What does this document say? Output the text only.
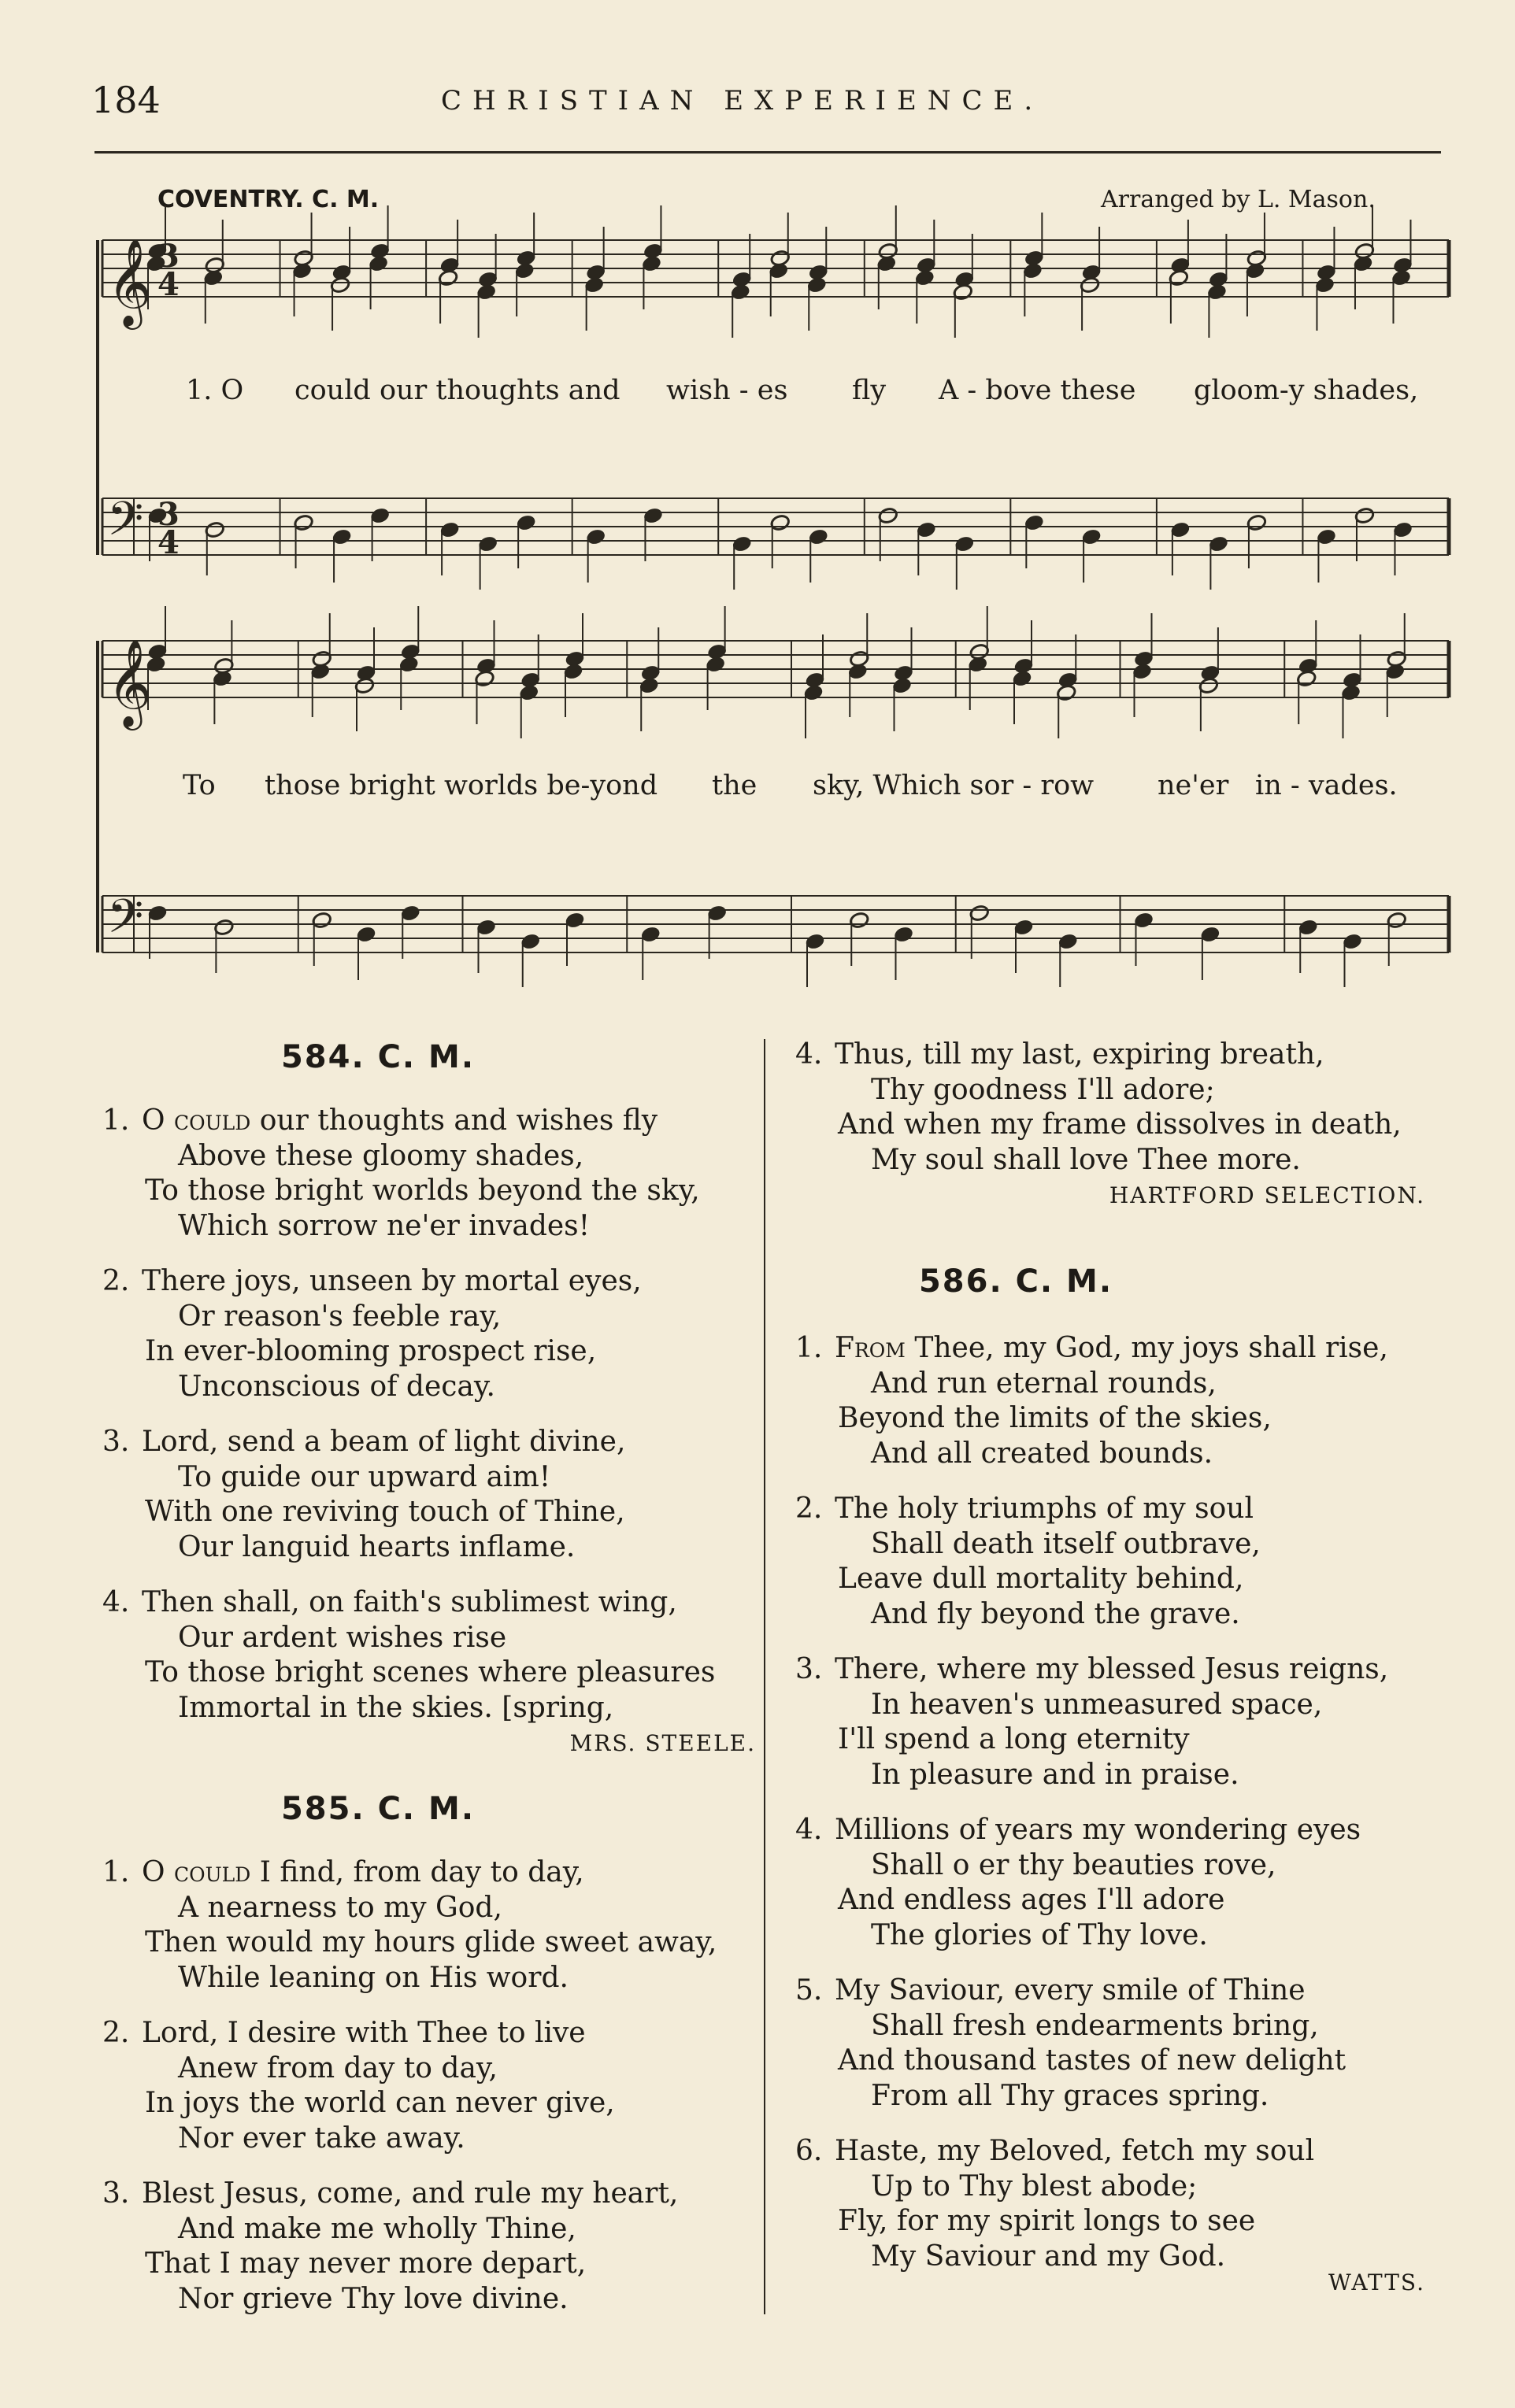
184	CHRISTIAN EXPERIENCE.
COVENTRY. C. M.	Arranged by L. Mason.
𝄞
𝄢
𝄞
𝄢
3
4
3
4
1. O could our thoughts and wish - es fly A - bove these gloom-y shades,
To those bright worlds be-yond the sky, Which sor - row ne'er in - vades.
584. C. M.
1. O could our thoughts and wishes fly
Above these gloomy shades,
To those bright worlds beyond the sky,
Which sorrow ne'er invades!
2. There joys, unseen by mortal eyes,
Or reason's feeble ray,
In ever-blooming prospect rise,
Unconscious of decay.
3. Lord, send a beam of light divine,
To guide our upward aim!
With one reviving touch of Thine,
Our languid hearts inflame.
4. Then shall, on faith's sublimest wing,
Our ardent wishes rise
To those bright scenes where pleasures
Immortal in the skies. [spring,
MRS. STEELE.
585. C. M.
1. O could I find, from day to day,
A nearness to my God,
Then would my hours glide sweet away,
While leaning on His word.
2. Lord, I desire with Thee to live
Anew from day to day,
In joys the world can never give,
Nor ever take away.
3. Blest Jesus, come, and rule my heart,
And make me wholly Thine,
That I may never more depart,
Nor grieve Thy love divine.
4. Thus, till my last, expiring breath,
Thy goodness I'll adore;
And when my frame dissolves in death,
My soul shall love Thee more.
HARTFORD SELECTION.
586. C. M.
1. From Thee, my God, my joys shall rise,
And run eternal rounds,
Beyond the limits of the skies,
And all created bounds.
2. The holy triumphs of my soul
Shall death itself outbrave,
Leave dull mortality behind,
And fly beyond the grave.
3. There, where my blessed Jesus reigns,
In heaven's unmeasured space,
I'll spend a long eternity
In pleasure and in praise.
4. Millions of years my wondering eyes
Shall o er thy beauties rove,
And endless ages I'll adore
The glories of Thy love.
5. My Saviour, every smile of Thine
Shall fresh endearments bring,
And thousand tastes of new delight
From all Thy graces spring.
6. Haste, my Beloved, fetch my soul
Up to Thy blest abode;
Fly, for my spirit longs to see
My Saviour and my God.
WATTS.
